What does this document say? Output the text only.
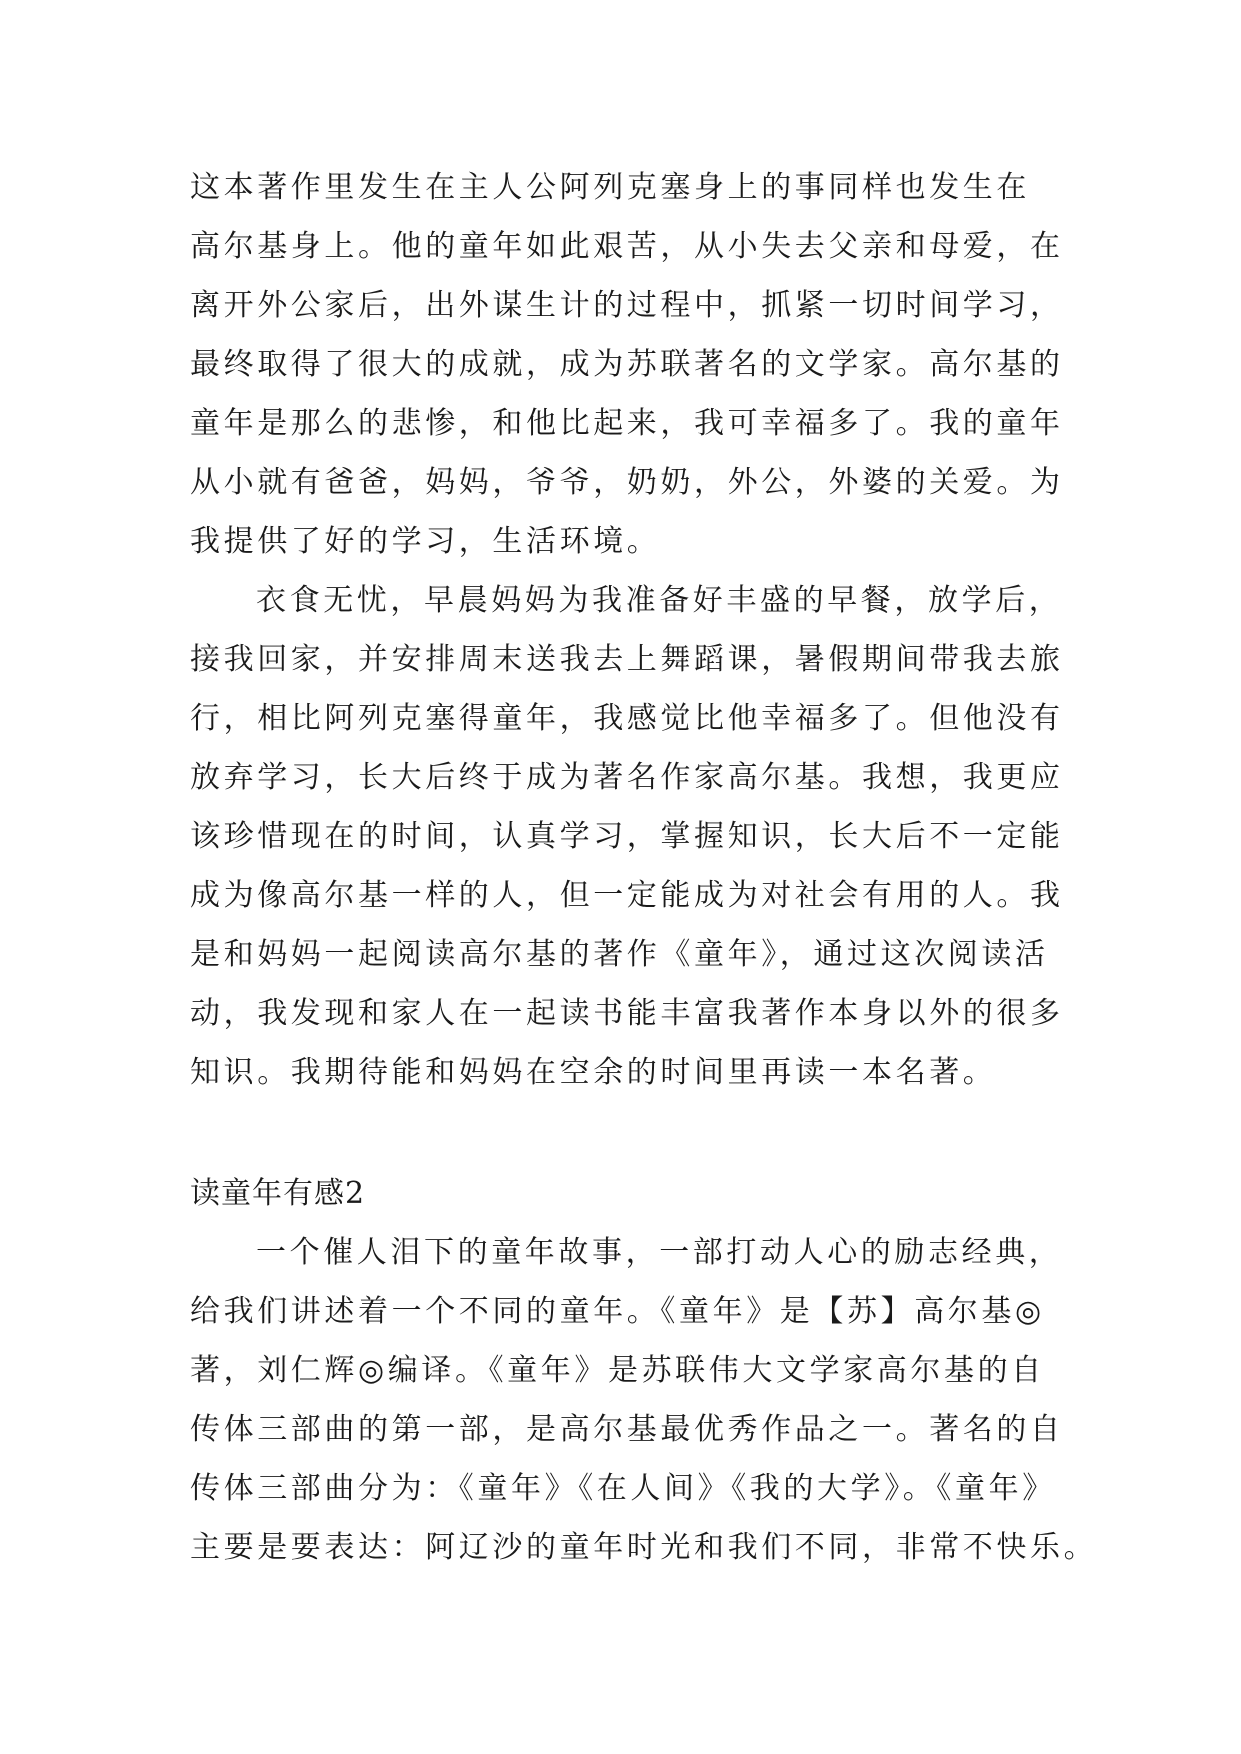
这本著作里发生在主人公阿列克塞身上的事同样也发生在
高尔基身上。他的童年如此艰苦，从小失去父亲和母爱，在
离开外公家后，出外谋生计的过程中，抓紧一切时间学习，
最终取得了很大的成就，成为苏联著名的文学家。高尔基的
童年是那么的悲惨，和他比起来，我可幸福多了。我的童年
从小就有爸爸，妈妈，爷爷，奶奶，外公，外婆的关爱。为
我提供了好的学习，生活环境。
衣食无忧，早晨妈妈为我准备好丰盛的早餐，放学后，
接我回家，并安排周末送我去上舞蹈课，暑假期间带我去旅
行，相比阿列克塞得童年，我感觉比他幸福多了。但他没有
放弃学习，长大后终于成为著名作家高尔基。我想，我更应
该珍惜现在的时间，认真学习，掌握知识，长大后不一定能
成为像高尔基一样的人，但一定能成为对社会有用的人。我
是和妈妈一起阅读高尔基的著作《童年》，通过这次阅读活
动，我发现和家人在一起读书能丰富我著作本身以外的很多
知识。我期待能和妈妈在空余的时间里再读一本名著。
读童年有感2
一个催人泪下的童年故事，一部打动人心的励志经典，
给我们讲述着一个不同的童年。《童年》是【苏】高尔基◎
著，刘仁辉◎编译。《童年》是苏联伟大文学家高尔基的自
传体三部曲的第一部，是高尔基最优秀作品之一。著名的自
传体三部曲分为：《童年》《在人间》《我的大学》。《童年》
主要是要表达：阿辽沙的童年时光和我们不同，非常不快乐。
